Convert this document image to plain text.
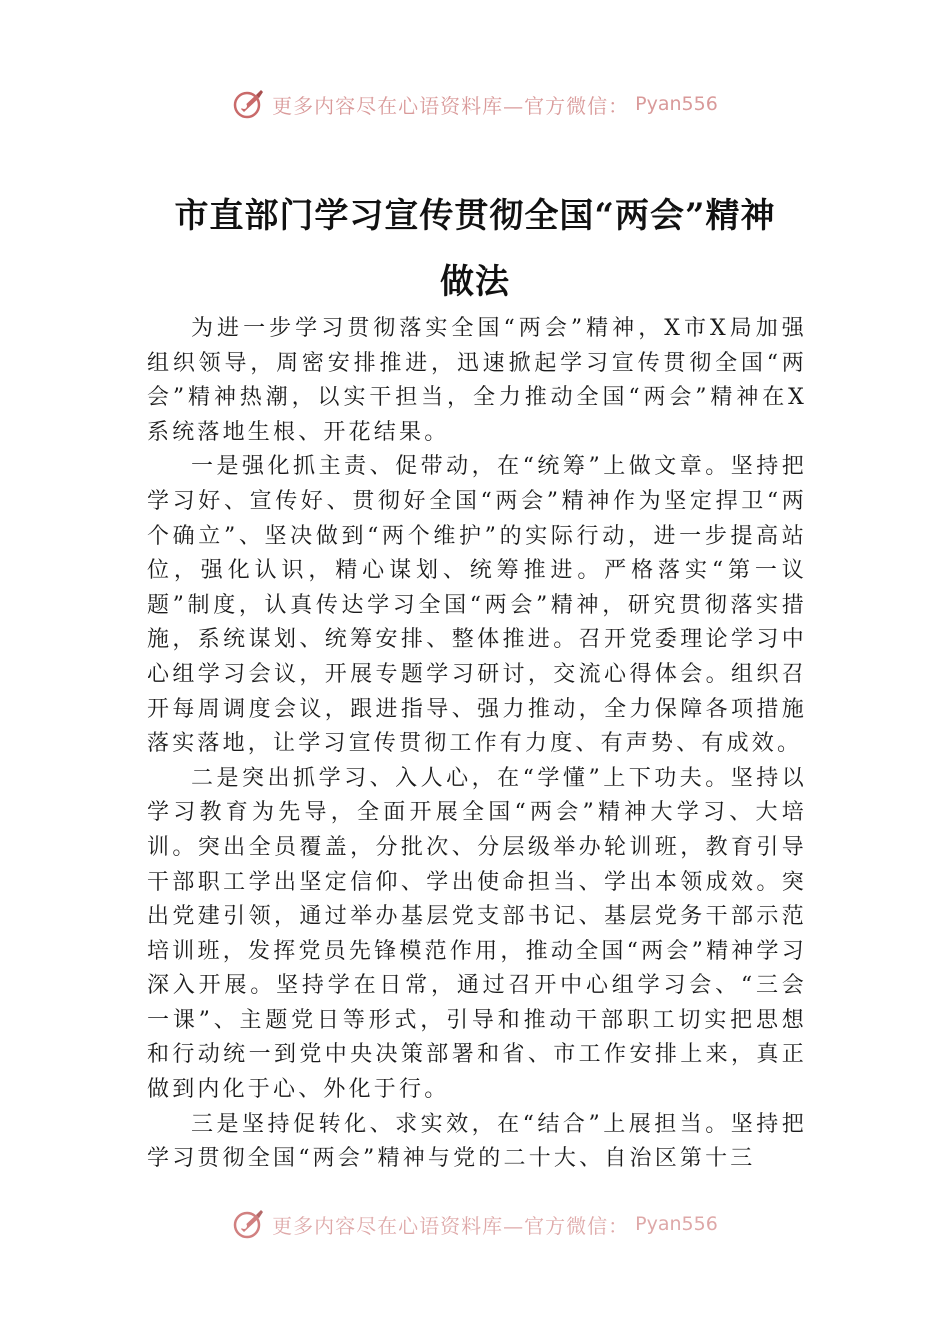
更多内容尽在心语资料库—官方微信： Pyan556
市直部门学习宣传贯彻全国“两会”精神
做法

为进一步学习贯彻落实全国“两会”精神，X市X局加强组织领导，周密安排推进，迅速掀起学习宣传贯彻全国“两会”精神热潮，以实干担当，全力推动全国“两会”精神在X系统落地生根、开花结果。

一是强化抓主责、促带动，在“统筹”上做文章。坚持把学习好、宣传好、贯彻好全国“两会”精神作为坚定捍卫“两个确立”、坚决做到“两个维护”的实际行动，进一步提高站位，强化认识，精心谋划、统筹推进。严格落实“第一议题”制度，认真传达学习全国“两会”精神，研究贯彻落实措施，系统谋划、统筹安排、整体推进。召开党委理论学习中心组学习会议，开展专题学习研讨，交流心得体会。组织召开每周调度会议，跟进指导、强力推动，全力保障各项措施落实落地，让学习宣传贯彻工作有力度、有声势、有成效。

二是突出抓学习、入人心，在“学懂”上下功夫。坚持以学习教育为先导，全面开展全国“两会”精神大学习、大培训。突出全员覆盖，分批次、分层级举办轮训班，教育引导干部职工学出坚定信仰、学出使命担当、学出本领成效。突出党建引领，通过举办基层党支部书记、基层党务干部示范培训班，发挥党员先锋模范作用，推动全国“两会”精神学习深入开展。坚持学在日常，通过召开中心组学习会、“三会一课”、主题党日等形式，引导和推动干部职工切实把思想和行动统一到党中央决策部署和省、市工作安排上来，真正做到内化于心、外化于行。

三是坚持促转化、求实效，在“结合”上展担当。坚持把学习贯彻全国“两会”精神与党的二十大、自治区第十三

更多内容尽在心语资料库—官方微信： Pyan556
